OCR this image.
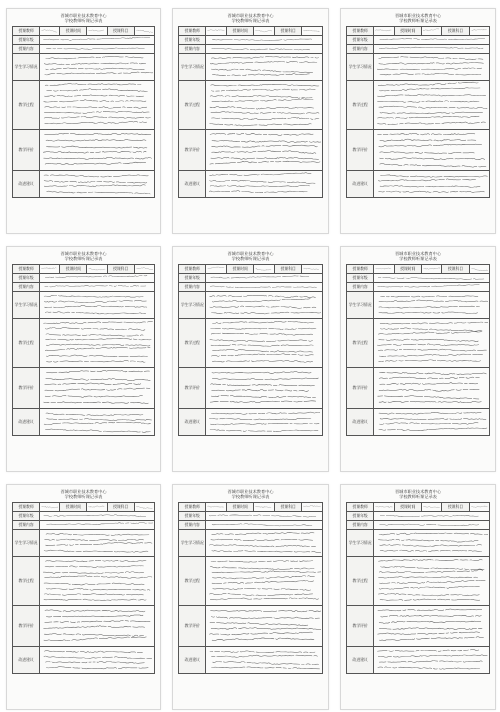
晋城市职业技术教育中心
学校教师听课记录表
授课教师		授课时间		授课科目	

授课年级	

授课内容	

学生学习情况	

教学过程	

教学评价	

改进建议	
晋城市职业技术教育中心
学校教师听课记录表
授课教师		授课时间		授课科目	

授课年级	

授课内容	

学生学习情况	

教学过程	

教学评价	

改进建议	
晋城市职业技术教育中心
学校教师听课记录表
授课教师		授课时间		授课科目	

授课年级	

授课内容	

学生学习情况	

教学过程	

教学评价	

改进建议	
晋城市职业技术教育中心
学校教师听课记录表
授课教师		授课时间		授课科目	

授课年级	

授课内容	

学生学习情况	

教学过程	

教学评价	

改进建议	
晋城市职业技术教育中心
学校教师听课记录表
授课教师		授课时间		授课科目	

授课年级	

授课内容	

学生学习情况	

教学过程	

教学评价	

改进建议	
晋城市职业技术教育中心
学校教师听课记录表
授课教师		授课时间		授课科目	

授课年级	

授课内容	

学生学习情况	

教学过程	

教学评价	

改进建议	
晋城市职业技术教育中心
学校教师听课记录表
授课教师		授课时间		授课科目	

授课年级	

授课内容	

学生学习情况	

教学过程	

教学评价	

改进建议	
晋城市职业技术教育中心
学校教师听课记录表
授课教师		授课时间		授课科目	

授课年级	

授课内容	

学生学习情况	

教学过程	

教学评价	

改进建议	
晋城市职业技术教育中心
学校教师听课记录表
授课教师		授课时间		授课科目	

授课年级	

授课内容	

学生学习情况	

教学过程	

教学评价	

改进建议	
